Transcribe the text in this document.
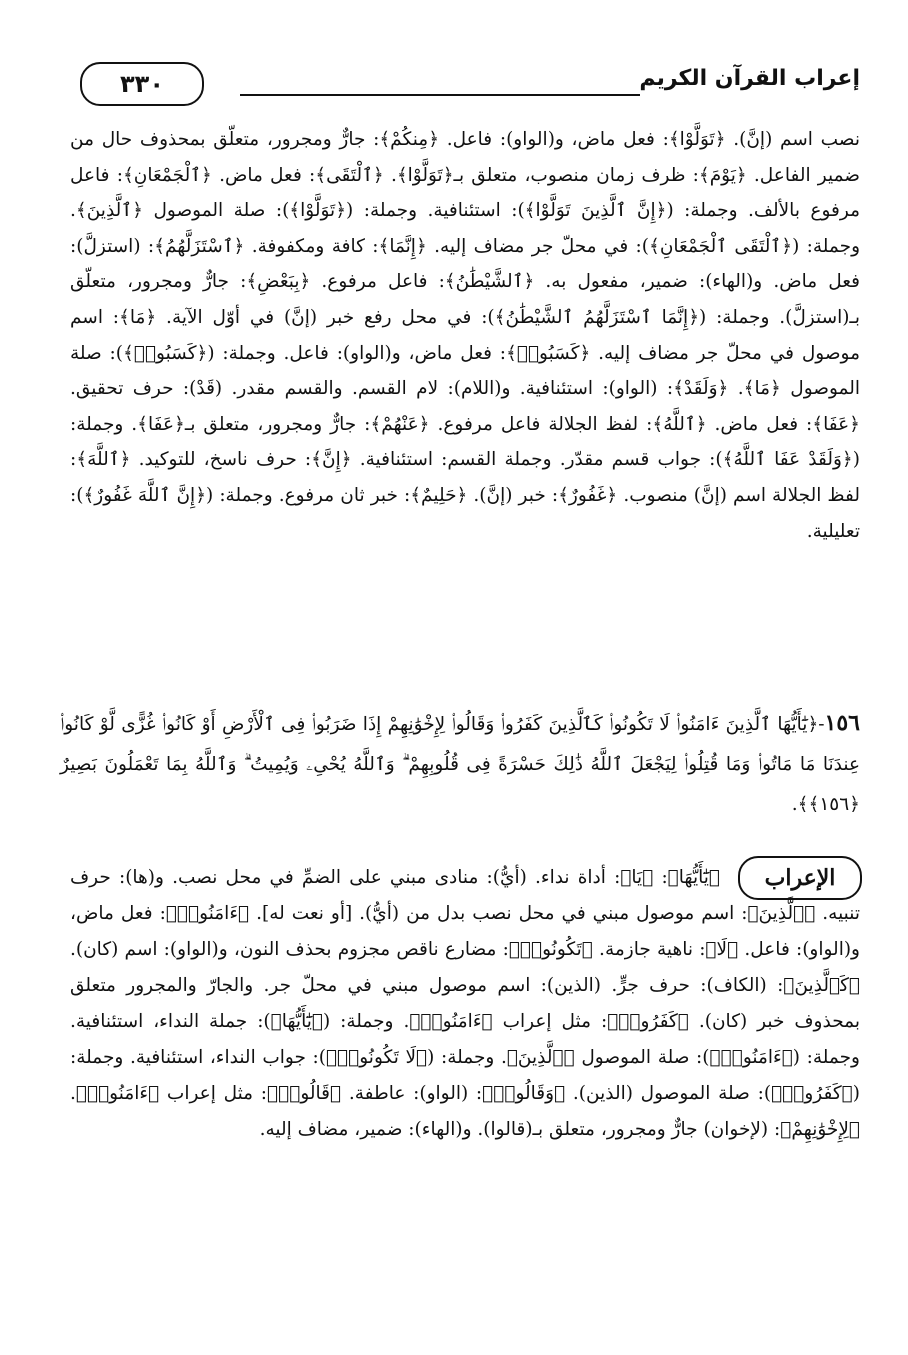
٣٣٠	إعراب القرآن الكريم

نصب اسم (إنَّ). ﴿تَوَلَّوْا﴾: فعل ماض، و(الواو): فاعل. ﴿مِنكُمْ﴾: جارٌّ ومجرور، متعلّق بمحذوف حال من ضمير الفاعل. ﴿يَوْمَ﴾: ظرف زمان منصوب، متعلق بـ﴿تَوَلَّوْا﴾. ﴿ٱلْتَقَى﴾: فعل ماض. ﴿ٱلْجَمْعَانِ﴾: فاعل مرفوع بالألف. وجملة: (﴿إِنَّ ٱلَّذِينَ تَوَلَّوْا﴾): استئنافية. وجملة: (﴿تَوَلَّوْا﴾): صلة الموصول ﴿ٱلَّذِينَ﴾. وجملة: (﴿ٱلْتَقَى ٱلْجَمْعَانِ﴾): في محلّ جر مضاف إليه. ﴿إِنَّمَا﴾: كافة ومكفوفة. ﴿ٱسْتَزَلَّهُمُ﴾: (استزلَّ): فعل ماض. و(الهاء): ضمير، مفعول به. ﴿ٱلشَّيْطَٰنُ﴾: فاعل مرفوع. ﴿بِبَعْضِ﴾: جارٌّ ومجرور، متعلّق بـ(استزلَّ). وجملة: (﴿إِنَّمَا ٱسْتَزَلَّهُمُ ٱلشَّيْطَٰنُ﴾): في محل رفع خبر (إنَّ) في أوّل الآية. ﴿مَا﴾: اسم موصول في محلّ جر مضاف إليه. ﴿كَسَبُوا۟﴾: فعل ماض، و(الواو): فاعل. وجملة: (﴿كَسَبُوا۟﴾): صلة الموصول ﴿مَا﴾. ﴿وَلَقَدْ﴾: (الواو): استئنافية. و(اللام): لام القسم. والقسم مقدر. (قَدْ): حرف تحقيق. ﴿عَفَا﴾: فعل ماض. ﴿ٱللَّهُ﴾: لفظ الجلالة فاعل مرفوع. ﴿عَنْهُمْ﴾: جارٌّ ومجرور، متعلق بـ﴿عَفَا﴾. وجملة: (﴿وَلَقَدْ عَفَا ٱللَّهُ﴾): جواب قسم مقدّر. وجملة القسم: استئنافية. ﴿إِنَّ﴾: حرف ناسخ، للتوكيد. ﴿ٱللَّهَ﴾: لفظ الجلالة اسم (إنَّ) منصوب. ﴿غَفُورٌ﴾: خبر (إنَّ). ﴿حَلِيمٌ﴾: خبر ثان مرفوع. وجملة: (﴿إِنَّ ٱللَّهَ غَفُورٌ﴾): تعليلية.

١٥٦-﴿يَٰٓأَيُّهَا ٱلَّذِينَ ءَامَنُوا۟ لَا تَكُونُوا۟ كَٱلَّذِينَ كَفَرُوا۟ وَقَالُوا۟ لِإِخْوَٰنِهِمْ إِذَا ضَرَبُوا۟ فِى ٱلْأَرْضِ أَوْ كَانُوا۟ غُزًّى لَّوْ كَانُوا۟ عِندَنَا مَا مَاتُوا۟ وَمَا قُتِلُوا۟ لِيَجْعَلَ ٱللَّهُ ذَٰلِكَ حَسْرَةً فِى قُلُوبِهِمْ ۗ وَٱللَّهُ يُحْىِۦ وَيُمِيتُ ۗ وَٱللَّهُ بِمَا تَعْمَلُونَ بَصِيرٌ ﴿١٥٦﴾﴾.
الإعراب

﴿يَٰٓأَيُّهَا﴾: ﴿يَا﴾: أداة نداء. (أيُّ): منادى مبني على الضمِّ في محل نصب. و(ها): حرف تنبيه. ﴿ٱلَّذِينَ﴾: اسم موصول مبني في محل نصب بدل من (أيُّ). [أو نعت له]. ﴿ءَامَنُوا۟﴾: فعل ماض، و(الواو): فاعل. ﴿لَا﴾: ناهية جازمة. ﴿تَكُونُوا۟﴾: مضارع ناقص مجزوم بحذف النون، و(الواو): اسم (كان). ﴿كَٱلَّذِينَ﴾: (الكاف): حرف جرٍّ. (الذين): اسم موصول مبني في محلّ جر. والجارّ والمجرور متعلق بمحذوف خبر (كان). ﴿كَفَرُوا۟﴾: مثل إعراب ﴿ءَامَنُوا۟﴾. وجملة: (﴿يَٰٓأَيُّهَا﴾): جملة النداء، استئنافية. وجملة: (﴿ءَامَنُوا۟﴾): صلة الموصول ﴿ٱلَّذِينَ﴾. وجملة: (﴿لَا تَكُونُوا۟﴾): جواب النداء، استئنافية. وجملة: (﴿كَفَرُوا۟﴾): صلة الموصول (الذين). ﴿وَقَالُوا۟﴾: (الواو): عاطفة. ﴿قَالُوا۟﴾: مثل إعراب ﴿ءَامَنُوا۟﴾. ﴿لِإِخْوَٰنِهِمْ﴾: (لإخوان) جارٌّ ومجرور، متعلق بـ(قالوا). و(الهاء): ضمير، مضاف إليه.
